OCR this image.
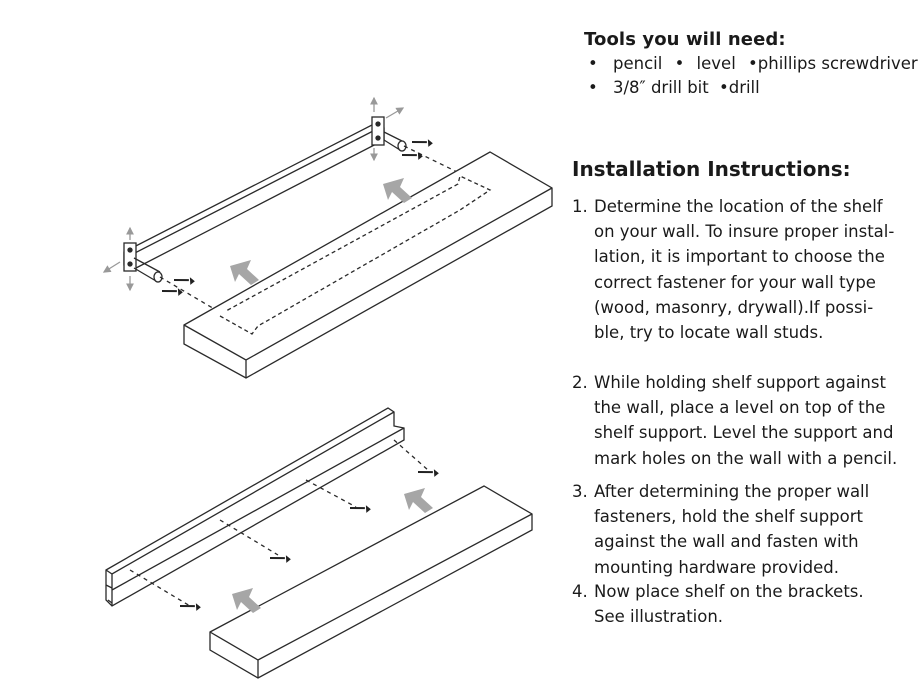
Tools you will need:
• pencil • level •phillips screwdriver
• 3/8″ drill bit •drill
Installation Instructions:
1. Determine the location of the shelf
on your wall. To insure proper instal-
lation, it is important to choose the
correct fastener for your wall type
(wood, masonry, drywall).If possi-
ble, try to locate wall studs.
2. While holding shelf support against
the wall, place a level on top of the
shelf support. Level the support and
mark holes on the wall with a pencil.
3. After determining the proper wall
fasteners, hold the shelf support
against the wall and fasten with
mounting hardware provided.
4. Now place shelf on the brackets.
See illustration.
